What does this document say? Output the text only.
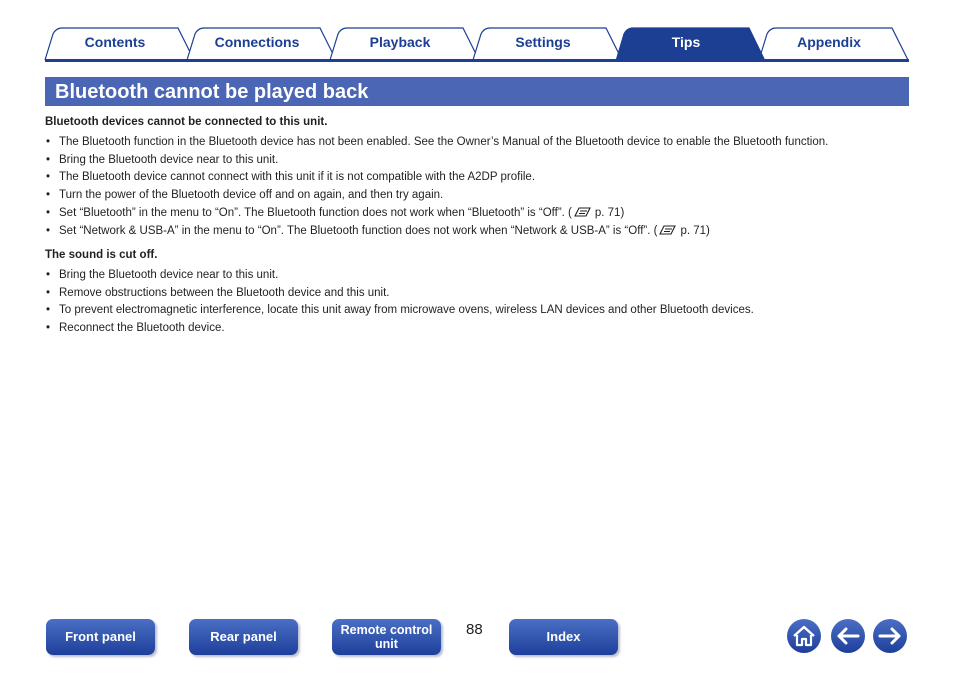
Contents	Connections	Playback	Settings	Tips	Appendix
Bluetooth cannot be played back
Bluetooth devices cannot be connected to this unit.
• The Bluetooth function in the Bluetooth device has not been enabled. See the Owner’s Manual of the Bluetooth device to enable the Bluetooth function.
• Bring the Bluetooth device near to this unit.
• The Bluetooth device cannot connect with this unit if it is not compatible with the A2DP profile.
• Turn the power of the Bluetooth device off and on again, and then try again.
• Set “Bluetooth” in the menu to “On”. The Bluetooth function does not work when “Bluetooth” is “Off”. ( p. 71)
• Set “Network & USB-A” in the menu to “On”. The Bluetooth function does not work when “Network & USB-A” is “Off”. ( p. 71)
The sound is cut off.
• Bring the Bluetooth device near to this unit.
• Remove obstructions between the Bluetooth device and this unit.
• To prevent electromagnetic interference, locate this unit away from microwave ovens, wireless LAN devices and other Bluetooth devices.
• Reconnect the Bluetooth device.
Front panel	Rear panel	Remote control
unit
88	Index
